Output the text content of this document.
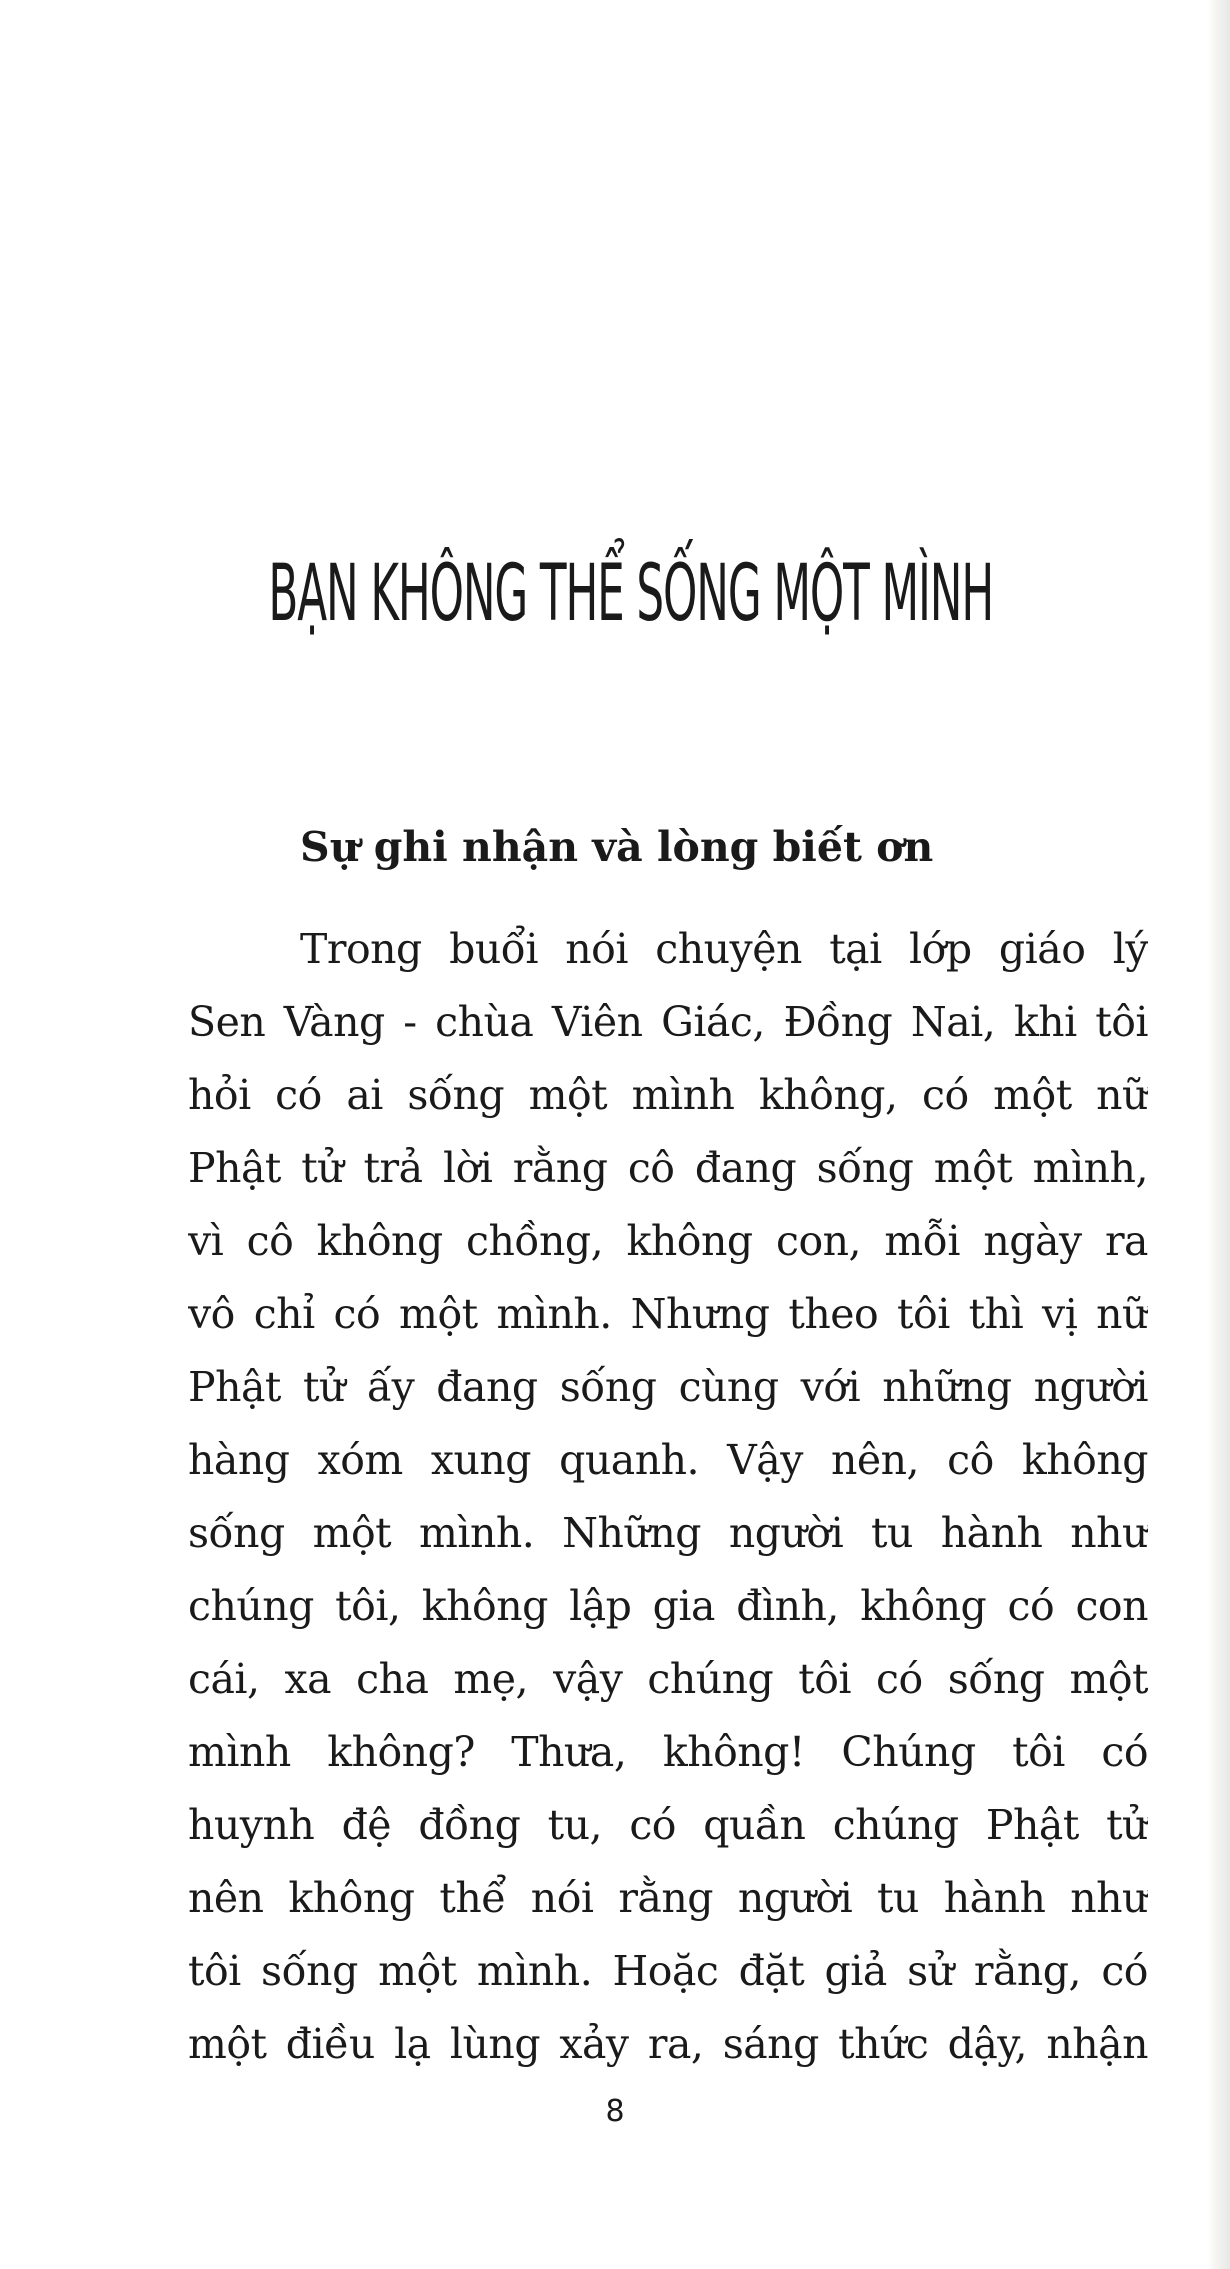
BẠN KHÔNG THỂ SỐNG MỘT MÌNH
Sự ghi nhận và lòng biết ơn
Trong buổi nói chuyện tại lớp giáo lý
Sen Vàng - chùa Viên Giác, Đồng Nai, khi tôi
hỏi có ai sống một mình không, có một nữ
Phật tử trả lời rằng cô đang sống một mình,
vì cô không chồng, không con, mỗi ngày ra
vô chỉ có một mình. Nhưng theo tôi thì vị nữ
Phật tử ấy đang sống cùng với những người
hàng xóm xung quanh. Vậy nên, cô không
sống một mình. Những người tu hành như
chúng tôi, không lập gia đình, không có con
cái, xa cha mẹ, vậy chúng tôi có sống một
mình không? Thưa, không! Chúng tôi có
huynh đệ đồng tu, có quần chúng Phật tử
nên không thể nói rằng người tu hành như
tôi sống một mình. Hoặc đặt giả sử rằng, có
một điều lạ lùng xảy ra, sáng thức dậy, nhận
8
